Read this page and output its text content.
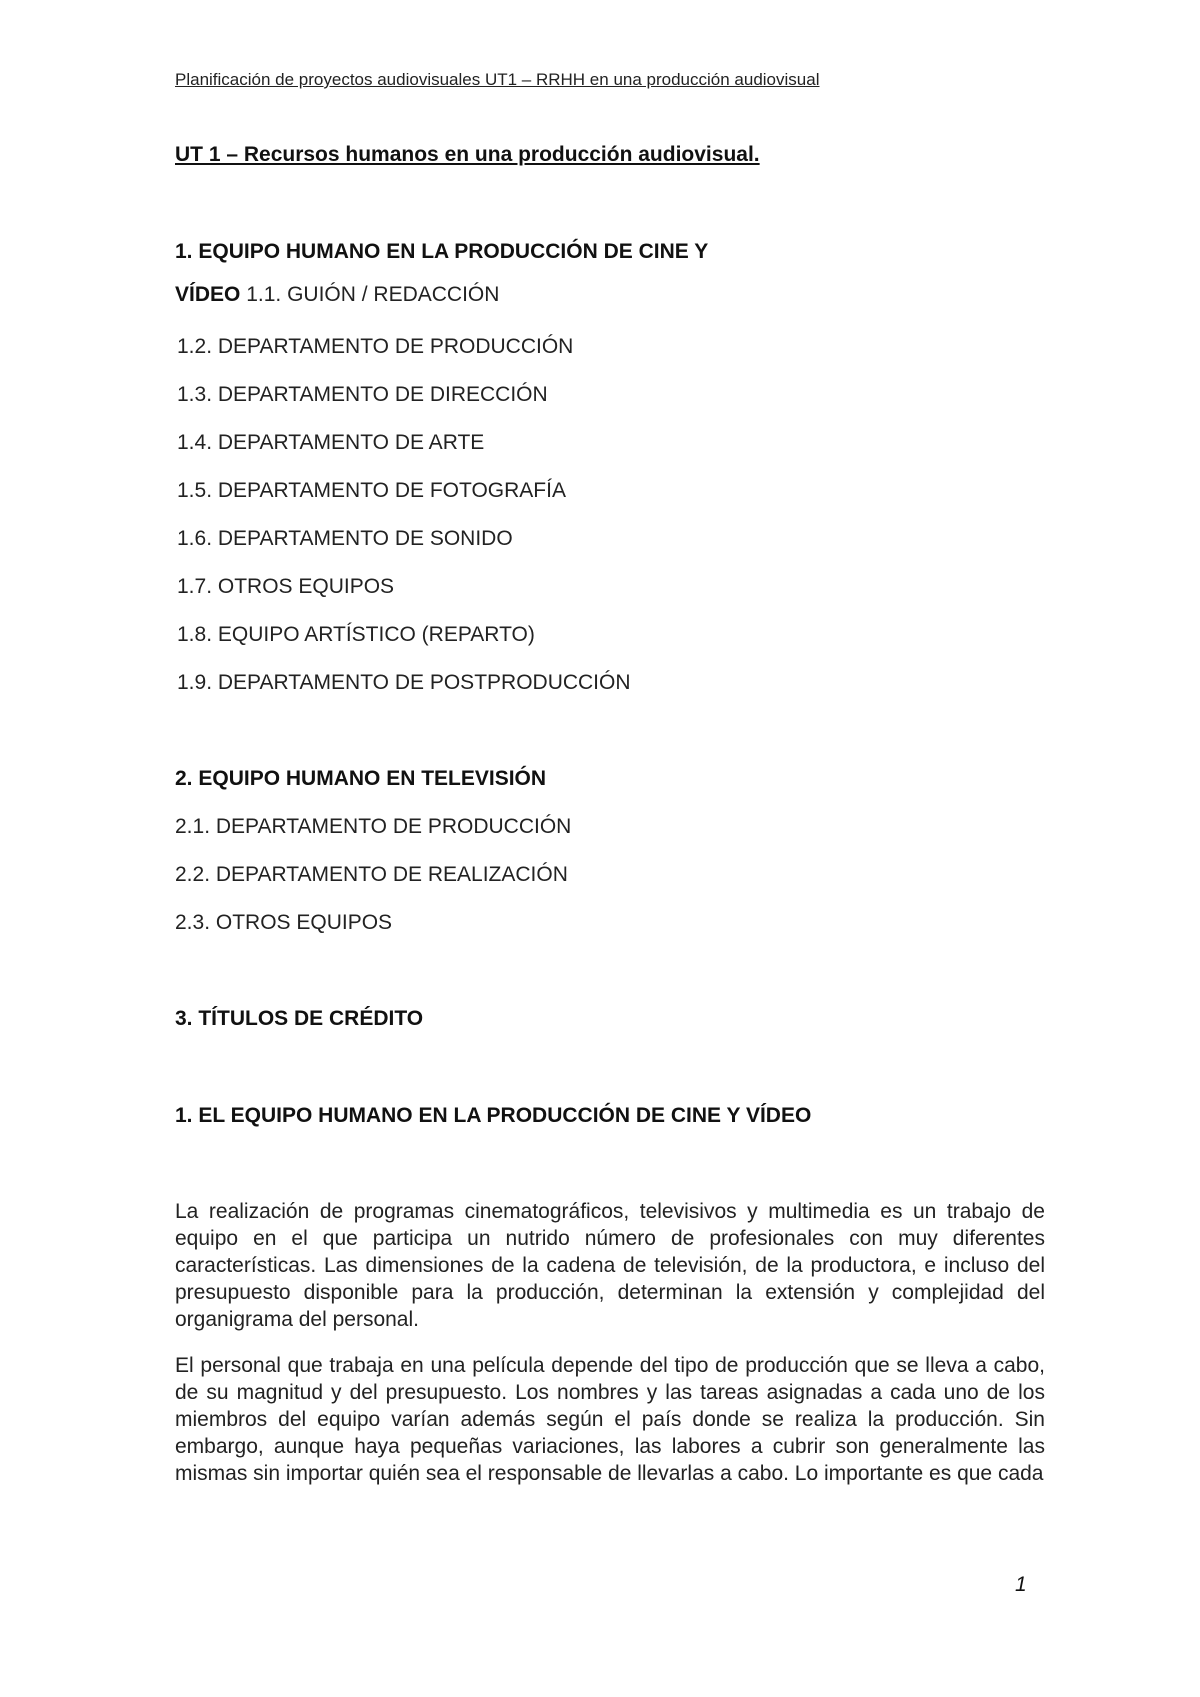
Planificación de proyectos audiovisuales UT1 – RRHH en una producción audiovisual
UT 1 – Recursos humanos en una producción audiovisual.
1. EQUIPO HUMANO EN LA PRODUCCIÓN DE CINE Y
VÍDEO 1.1. GUIÓN / REDACCIÓN
1.2. DEPARTAMENTO DE PRODUCCIÓN
1.3. DEPARTAMENTO DE DIRECCIÓN
1.4. DEPARTAMENTO DE ARTE
1.5. DEPARTAMENTO DE FOTOGRAFÍA
1.6. DEPARTAMENTO DE SONIDO
1.7. OTROS EQUIPOS
1.8. EQUIPO ARTÍSTICO (REPARTO)
1.9. DEPARTAMENTO DE POSTPRODUCCIÓN
2. EQUIPO HUMANO EN TELEVISIÓN
2.1. DEPARTAMENTO DE PRODUCCIÓN
2.2. DEPARTAMENTO DE REALIZACIÓN
2.3. OTROS EQUIPOS
3. TÍTULOS DE CRÉDITO
1. EL EQUIPO HUMANO EN LA PRODUCCIÓN DE CINE Y VÍDEO
La realización de programas cinematográficos, televisivos y multimedia es un trabajo de equipo en el que participa un nutrido número de profesionales con muy diferentes características. Las dimensiones de la cadena de televisión, de la productora, e incluso del presupuesto disponible para la producción, determinan la extensión y complejidad del organigrama del personal.
El personal que trabaja en una película depende del tipo de producción que se lleva a cabo, de su magnitud y del presupuesto. Los nombres y las tareas asignadas a cada uno de los miembros del equipo varían además según el país donde se realiza la producción. Sin embargo, aunque haya pequeñas variaciones, las labores a cubrir son generalmente las mismas sin importar quién sea el responsable de llevarlas a cabo. Lo importante es que cada
1
